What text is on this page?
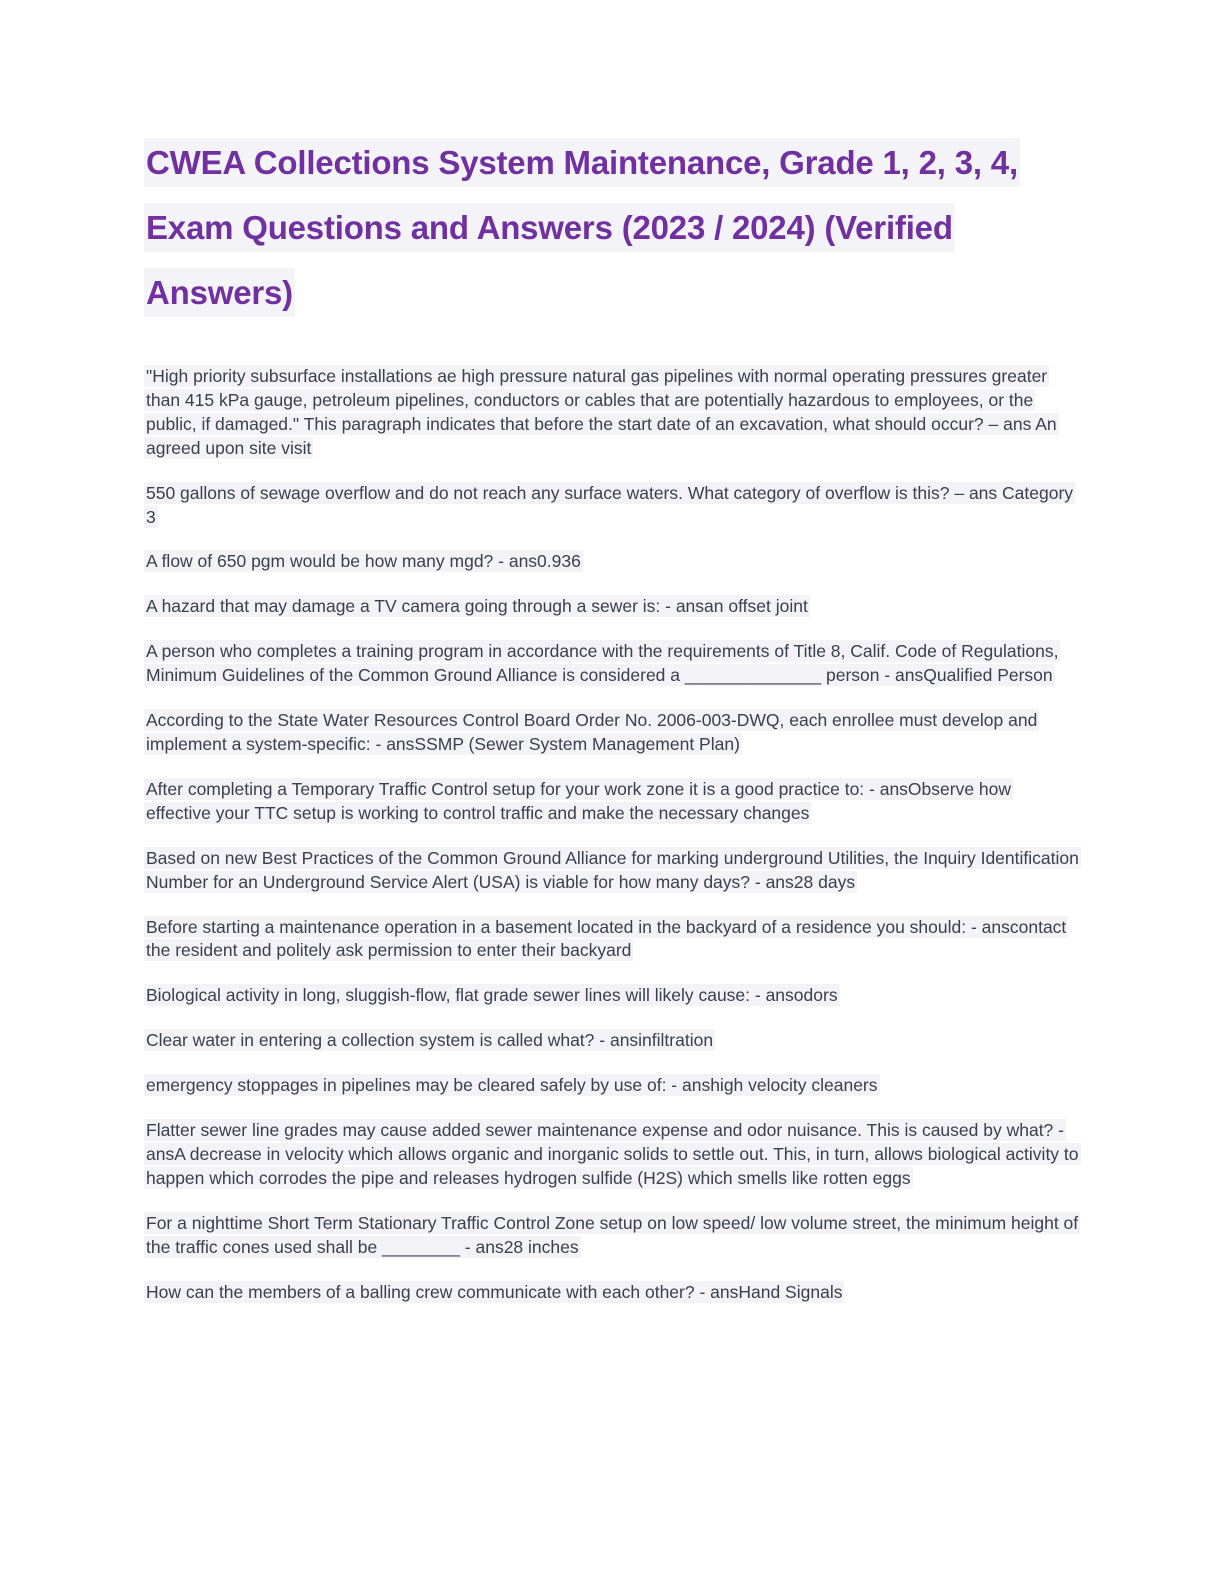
CWEA Collections System Maintenance, Grade 1, 2, 3, 4, Exam Questions and Answers (2023 / 2024) (Verified Answers)

"High priority subsurface installations ae high pressure natural gas pipelines with normal operating pressures greater than 415 kPa gauge, petroleum pipelines, conductors or cables that are potentially hazardous to employees, or the public, if damaged." This paragraph indicates that before the start date of an excavation, what should occur? – ans An agreed upon site visit

550 gallons of sewage overflow and do not reach any surface waters. What category of overflow is this? – ans Category 3

A flow of 650 pgm would be how many mgd? - ans0.936

A hazard that may damage a TV camera going through a sewer is: - ansan offset joint

A person who completes a training program in accordance with the requirements of Title 8, Calif. Code of Regulations, Minimum Guidelines of the Common Ground Alliance is considered a ______________ person - ansQualified Person

According to the State Water Resources Control Board Order No. 2006-003-DWQ, each enrollee must develop and implement a system-specific: - ansSSMP (Sewer System Management Plan)

After completing a Temporary Traffic Control setup for your work zone it is a good practice to: - ansObserve how effective your TTC setup is working to control traffic and make the necessary changes

Based on new Best Practices of the Common Ground Alliance for marking underground Utilities, the Inquiry Identification Number for an Underground Service Alert (USA) is viable for how many days? - ans28 days

Before starting a maintenance operation in a basement located in the backyard of a residence you should: - anscontact the resident and politely ask permission to enter their backyard

Biological activity in long, sluggish-flow, flat grade sewer lines will likely cause: - ansodors

Clear water in entering a collection system is called what? - ansinfiltration

emergency stoppages in pipelines may be cleared safely by use of: - anshigh velocity cleaners

Flatter sewer line grades may cause added sewer maintenance expense and odor nuisance. This is caused by what? - ansA decrease in velocity which allows organic and inorganic solids to settle out. This, in turn, allows biological activity to happen which corrodes the pipe and releases hydrogen sulfide (H2S) which smells like rotten eggs

For a nighttime Short Term Stationary Traffic Control Zone setup on low speed/ low volume street, the minimum height of the traffic cones used shall be ________ - ans28 inches

How can the members of a balling crew communicate with each other? - ansHand Signals
